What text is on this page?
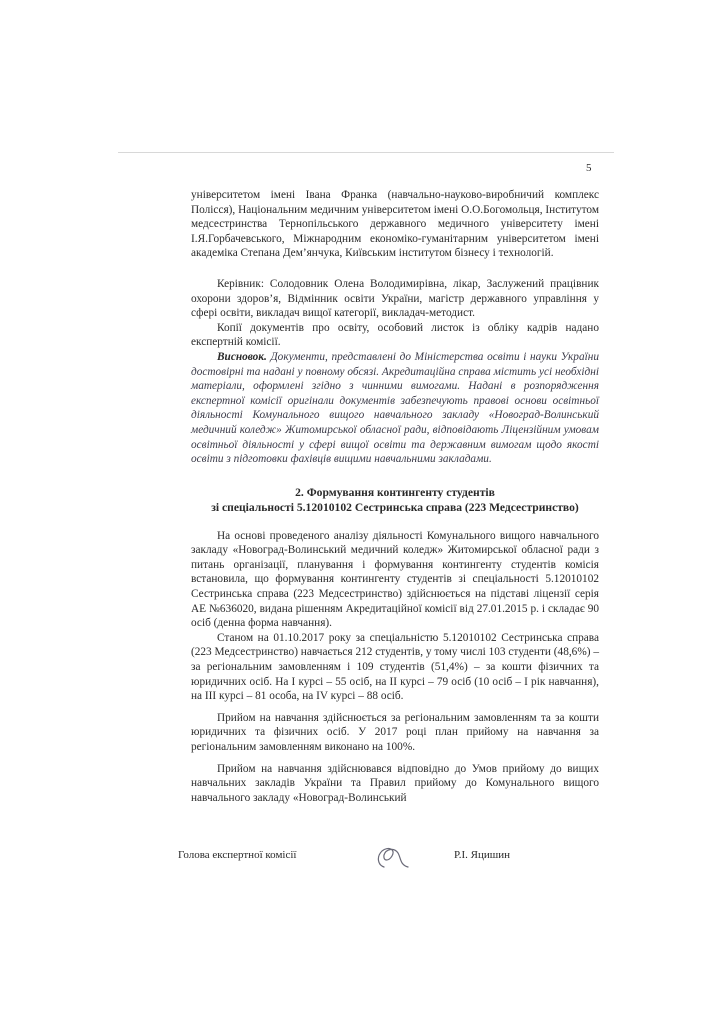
5

університетом імені Івана Франка (навчально-науково-виробничий комплекс Полісся), Національним медичним університетом імені О.О.Богомольця, Інститутом медсестринства Тернопільського державного медичного університету імені І.Я.Горбачевського, Міжнародним економіко-гуманітарним університетом імені академіка Степана Дем’янчука, Київським інститутом бізнесу і технологій.

Керівник: Солодовник Олена Володимирівна, лікар, Заслужений працівник охорони здоров’я, Відмінник освіти України, магістр державного управління у сфері освіти, викладач вищої категорії, викладач-методист.

Копії документів про освіту, особовий листок із обліку кадрів надано експертній комісії.

Висновок. Документи, представлені до Міністерства освіти і науки України достовірні та надані у повному обсязі. Акредитаційна справа містить усі необхідні матеріали, оформлені згідно з чинними вимогами. Надані в розпорядження експертної комісії оригінали документів забезпечують правові основи освітньої діяльності Комунального вищого навчального закладу «Новоград-Волинський медичний коледж» Житомирської обласної ради, відповідають Ліцензійним умовам освітньої діяльності у сфері вищої освіти та державним вимогам щодо якості освіти з підготовки фахівців вищими навчальними закладами.

2. Формування контингенту студентів
зі спеціальності 5.12010102 Сестринська справа (223 Медсестринство)

На основі проведеного аналізу діяльності Комунального вищого навчального закладу «Новоград-Волинський медичний коледж» Житомирської обласної ради з питань організації, планування і формування контингенту студентів комісія встановила, що формування контингенту студентів зі спеціальності 5.12010102 Сестринська справа (223 Медсестринство) здійснюється на підставі ліцензії серія АЕ №636020, видана рішенням Акредитаційної комісії від 27.01.2015 р. і складає 90 осіб (денна форма навчання).

Станом на 01.10.2017 року за спеціальністю 5.12010102 Сестринська справа (223 Медсестринство) навчається 212 студентів, у тому числі 103 студенти (48,6%) – за регіональним замовленням і 109 студентів (51,4%) – за кошти фізичних та юридичних осіб. На І курсі – 55 осіб, на ІІ курсі – 79 осіб (10 осіб – І рік навчання), на ІІІ курсі – 81 особа, на IV курсі – 88 осіб.

Прийом на навчання здійснюється за регіональним замовленням та за кошти юридичних та фізичних осіб. У 2017 році план прийому на навчання за регіональним замовленням виконано на 100%.

Прийом на навчання здійснювався відповідно до Умов прийому до вищих навчальних закладів України та Правил прийому до Комунального вищого навчального закладу «Новоград-Волинський

Голова експертної комісії	Р.І. Яцишин
